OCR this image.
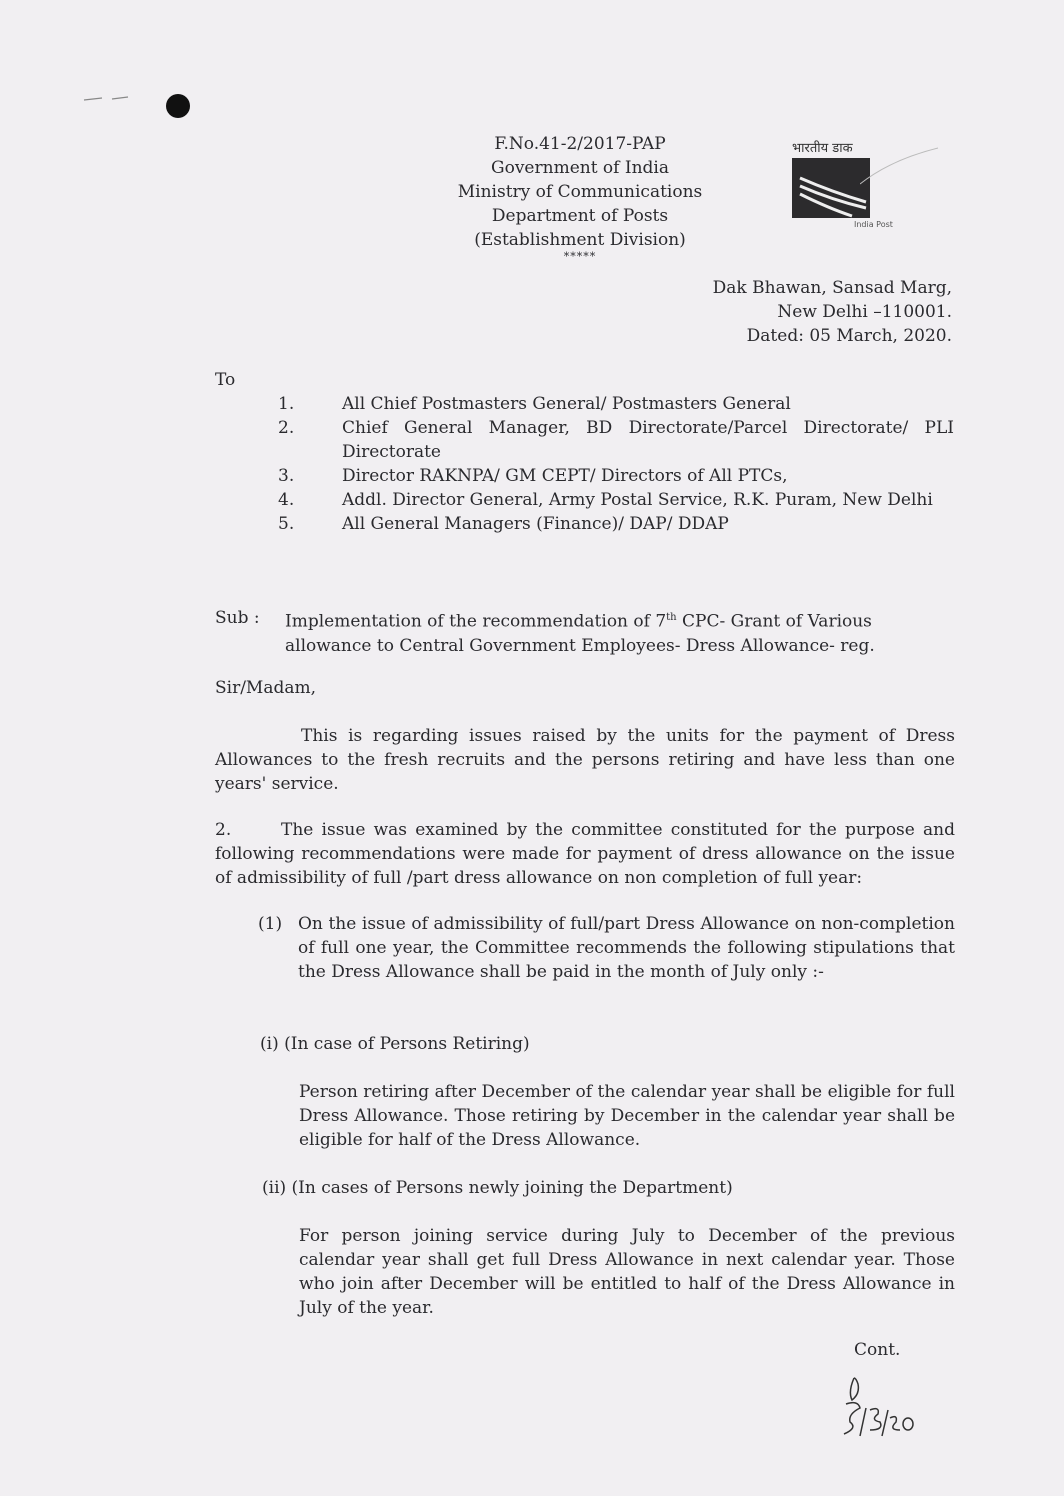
F.No.41-2/2017-PAP
Government of India
Ministry of Communications
Department of Posts
(Establishment Division)
*****
भारतीय डाक
India Post
Dak Bhawan, Sansad Marg,
New Delhi –110001.
Dated: 05 March, 2020.
To
1.	All Chief Postmasters General/ Postmasters General
2.	Chief General Manager, BD Directorate/Parcel Directorate/ PLI Directorate
3.	Director RAKNPA/ GM CEPT/ Directors of All PTCs,
4.	Addl. Director General, Army Postal Service, R.K. Puram, New Delhi
5.	All General Managers (Finance)/ DAP/ DDAP
Sub :	Implementation of the recommendation of 7th CPC- Grant of Various allowance to Central Government Employees- Dress Allowance- reg.
Sir/Madam,
This is regarding issues raised by the units for the payment of Dress Allowances to the fresh recruits and the persons retiring and have less than one years' service.
2.	The issue was examined by the committee constituted for the purpose and following recommendations were made for payment of dress allowance on the issue of admissibility of full /part dress allowance on non completion of full year:
(1) On the issue of admissibility of full/part Dress Allowance on non-completion of full one year, the Committee recommends the following stipulations that the Dress Allowance shall be paid in the month of July only :-
(i) (In case of Persons Retiring)
Person retiring after December of the calendar year shall be eligible for full Dress Allowance. Those retiring by December in the calendar year shall be eligible for half of the Dress Allowance.
(ii) (In cases of Persons newly joining the Department)
For person joining service during July to December of the previous calendar year shall get full Dress Allowance in next calendar year. Those who join after December will be entitled to half of the Dress Allowance in July of the year.
Cont.
